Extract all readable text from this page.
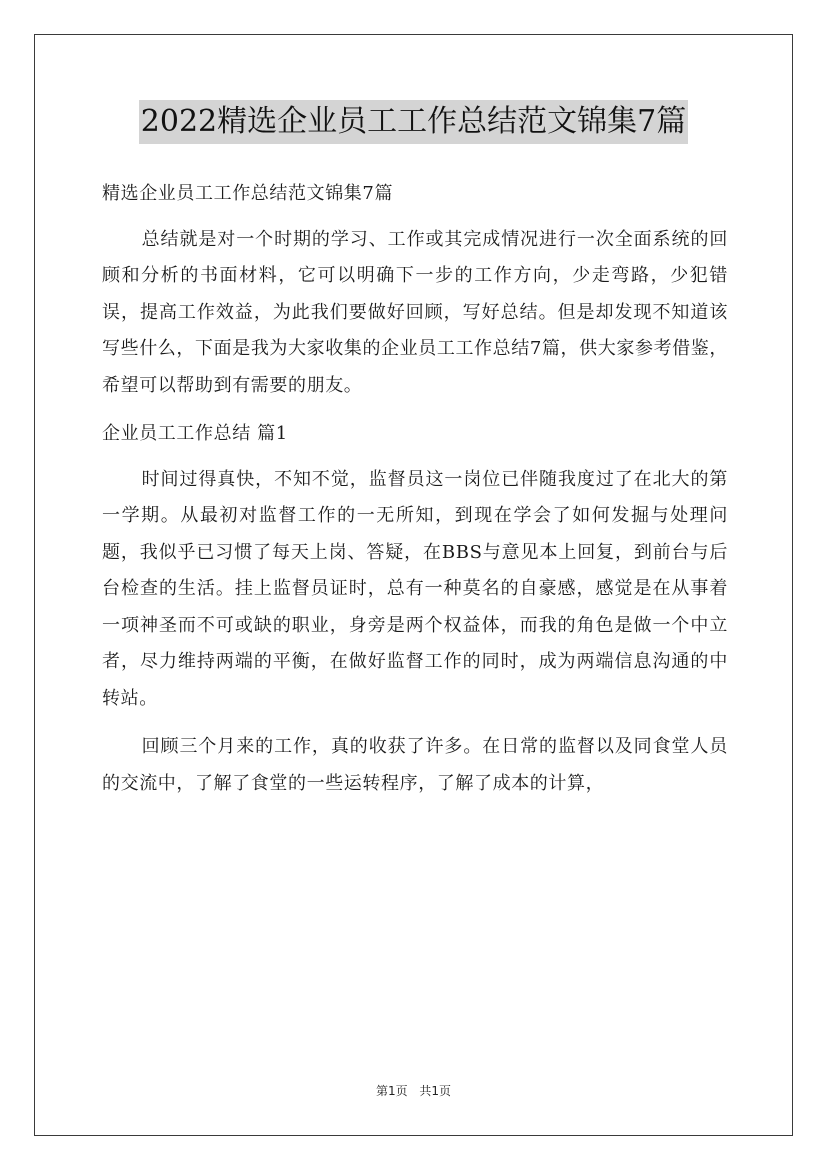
2022精选企业员工工作总结范文锦集7篇

精选企业员工工作总结范文锦集7篇

总结就是对一个时期的学习、工作或其完成情况进行一次全面系统的回顾和分析的书面材料，它可以明确下一步的工作方向，少走弯路，少犯错误，提高工作效益，为此我们要做好回顾，写好总结。但是却发现不知道该写些什么，下面是我为大家收集的企业员工工作总结7篇，供大家参考借鉴，希望可以帮助到有需要的朋友。

企业员工工作总结 篇1

时间过得真快，不知不觉，监督员这一岗位已伴随我度过了在北大的第一学期。从最初对监督工作的一无所知，到现在学会了如何发掘与处理问题，我似乎已习惯了每天上岗、答疑，在BBS与意见本上回复，到前台与后台检查的生活。挂上监督员证时，总有一种莫名的自豪感，感觉是在从事着一项神圣而不可或缺的职业，身旁是两个权益体，而我的角色是做一个中立者，尽力维持两端的平衡，在做好监督工作的同时，成为两端信息沟通的中转站。

回顾三个月来的工作，真的收获了许多。在日常的监督以及同食堂人员的交流中，了解了食堂的一些运转程序，了解了成本的计算，

第1页 共1页
